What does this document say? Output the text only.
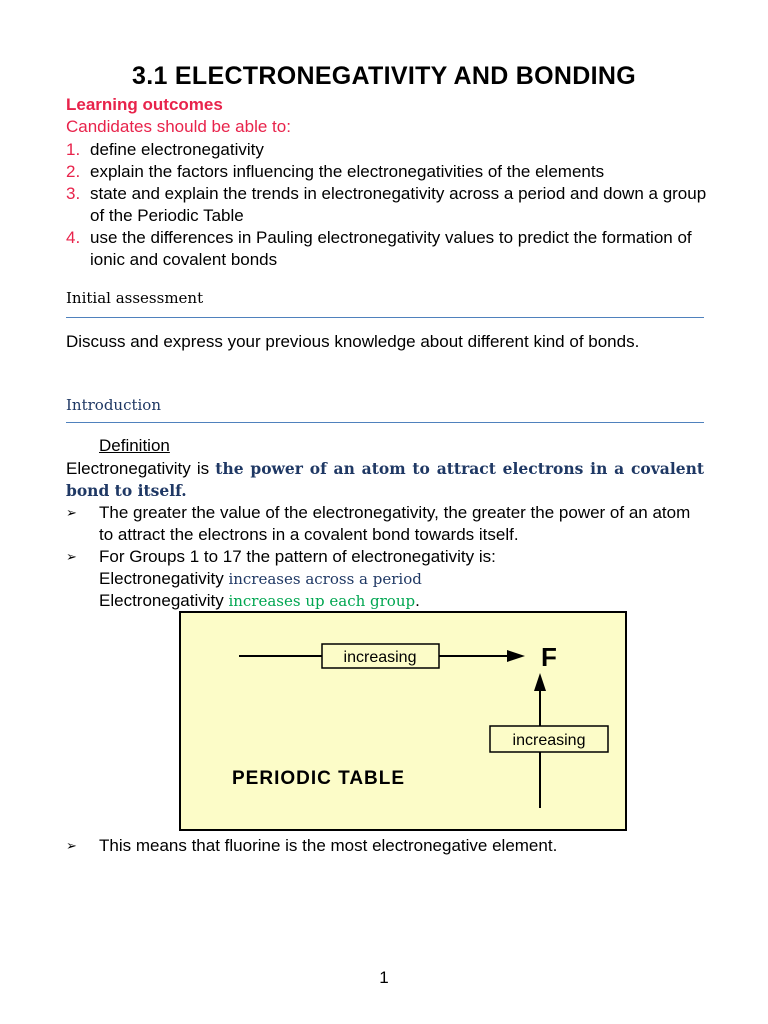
3.1 ELECTRONEGATIVITY AND BONDING
Learning outcomes
Candidates should be able to:
1. define electronegativity
2. explain the factors influencing the electronegativities of the elements
3. state and explain the trends in electronegativity across a period and down a group of the Periodic Table
4. use the differences in Pauling electronegativity values to predict the formation of ionic and covalent bonds
Initial assessment
Discuss and express your previous knowledge about different kind of bonds.
Introduction
Definition
Electronegativity is the power of an atom to attract electrons in a covalent bond to itself.
➢	The greater the value of the electronegativity, the greater the power of an atom to attract the electrons in a covalent bond towards itself.
➢	For Groups 1 to 17 the pattern of electronegativity is:
Electronegativity increases across a period
Electronegativity increases up each group.
increasing	F
increasing
PERIODIC TABLE
➢	This means that fluorine is the most electronegative element.
1
